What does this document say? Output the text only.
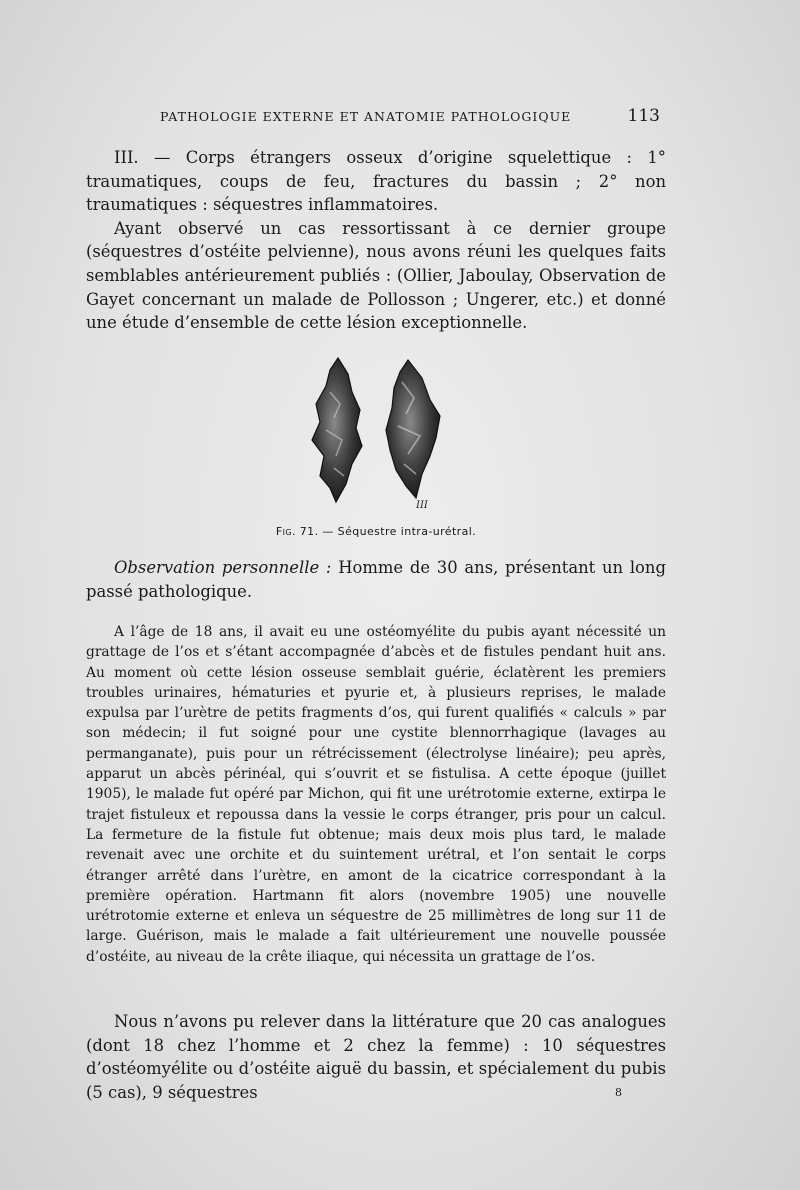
PATHOLOGIE EXTERNE ET ANATOMIE PATHOLOGIQUE	113

III. — Corps étrangers osseux d’origine squelettique : 1° traumatiques, coups de feu, fractures du bassin ; 2° non traumatiques : séquestres inflammatoires.

Ayant observé un cas ressortissant à ce dernier groupe (séquestres d’ostéite pelvienne), nous avons réuni les quelques faits semblables antérieurement publiés : (Ollier, Jaboulay, Observation de Gayet concernant un malade de Pollosson ; Ungerer, etc.) et donné une étude d’ensemble de cette lésion exceptionnelle.

III
Fig. 71. — Séquestre intra-urétral.

Observation personnelle : Homme de 30 ans, présentant un long passé pathologique.

A l’âge de 18 ans, il avait eu une ostéomyélite du pubis ayant nécessité un grattage de l’os et s’étant accompagnée d’abcès et de fistules pendant huit ans. Au moment où cette lésion osseuse semblait guérie, éclatèrent les premiers troubles urinaires, hématuries et pyurie et, à plusieurs reprises, le malade expulsa par l’urètre de petits fragments d’os, qui furent qualifiés « calculs » par son médecin; il fut soigné pour une cystite blennorrhagique (lavages au permanganate), puis pour un rétrécissement (électrolyse linéaire); peu après, apparut un abcès périnéal, qui s’ouvrit et se fistulisa. A cette époque (juillet 1905), le malade fut opéré par Michon, qui fit une urétrotomie externe, extirpa le trajet fistuleux et repoussa dans la vessie le corps étranger, pris pour un calcul. La fermeture de la fistule fut obtenue; mais deux mois plus tard, le malade revenait avec une orchite et du suintement urétral, et l’on sentait le corps étranger arrêté dans l’urètre, en amont de la cicatrice correspondant à la première opération. Hartmann fit alors (novembre 1905) une nouvelle urétrotomie externe et enleva un séquestre de 25 millimètres de long sur 11 de large. Guérison, mais le malade a fait ultérieurement une nouvelle poussée d’ostéite, au niveau de la crête iliaque, qui nécessita un grattage de l’os.

Nous n’avons pu relever dans la littérature que 20 cas analogues (dont 18 chez l’homme et 2 chez la femme) : 10 séquestres d’ostéomyélite ou d’ostéite aiguë du bassin, et spécialement du pubis (5 cas), 9 séquestres	8
